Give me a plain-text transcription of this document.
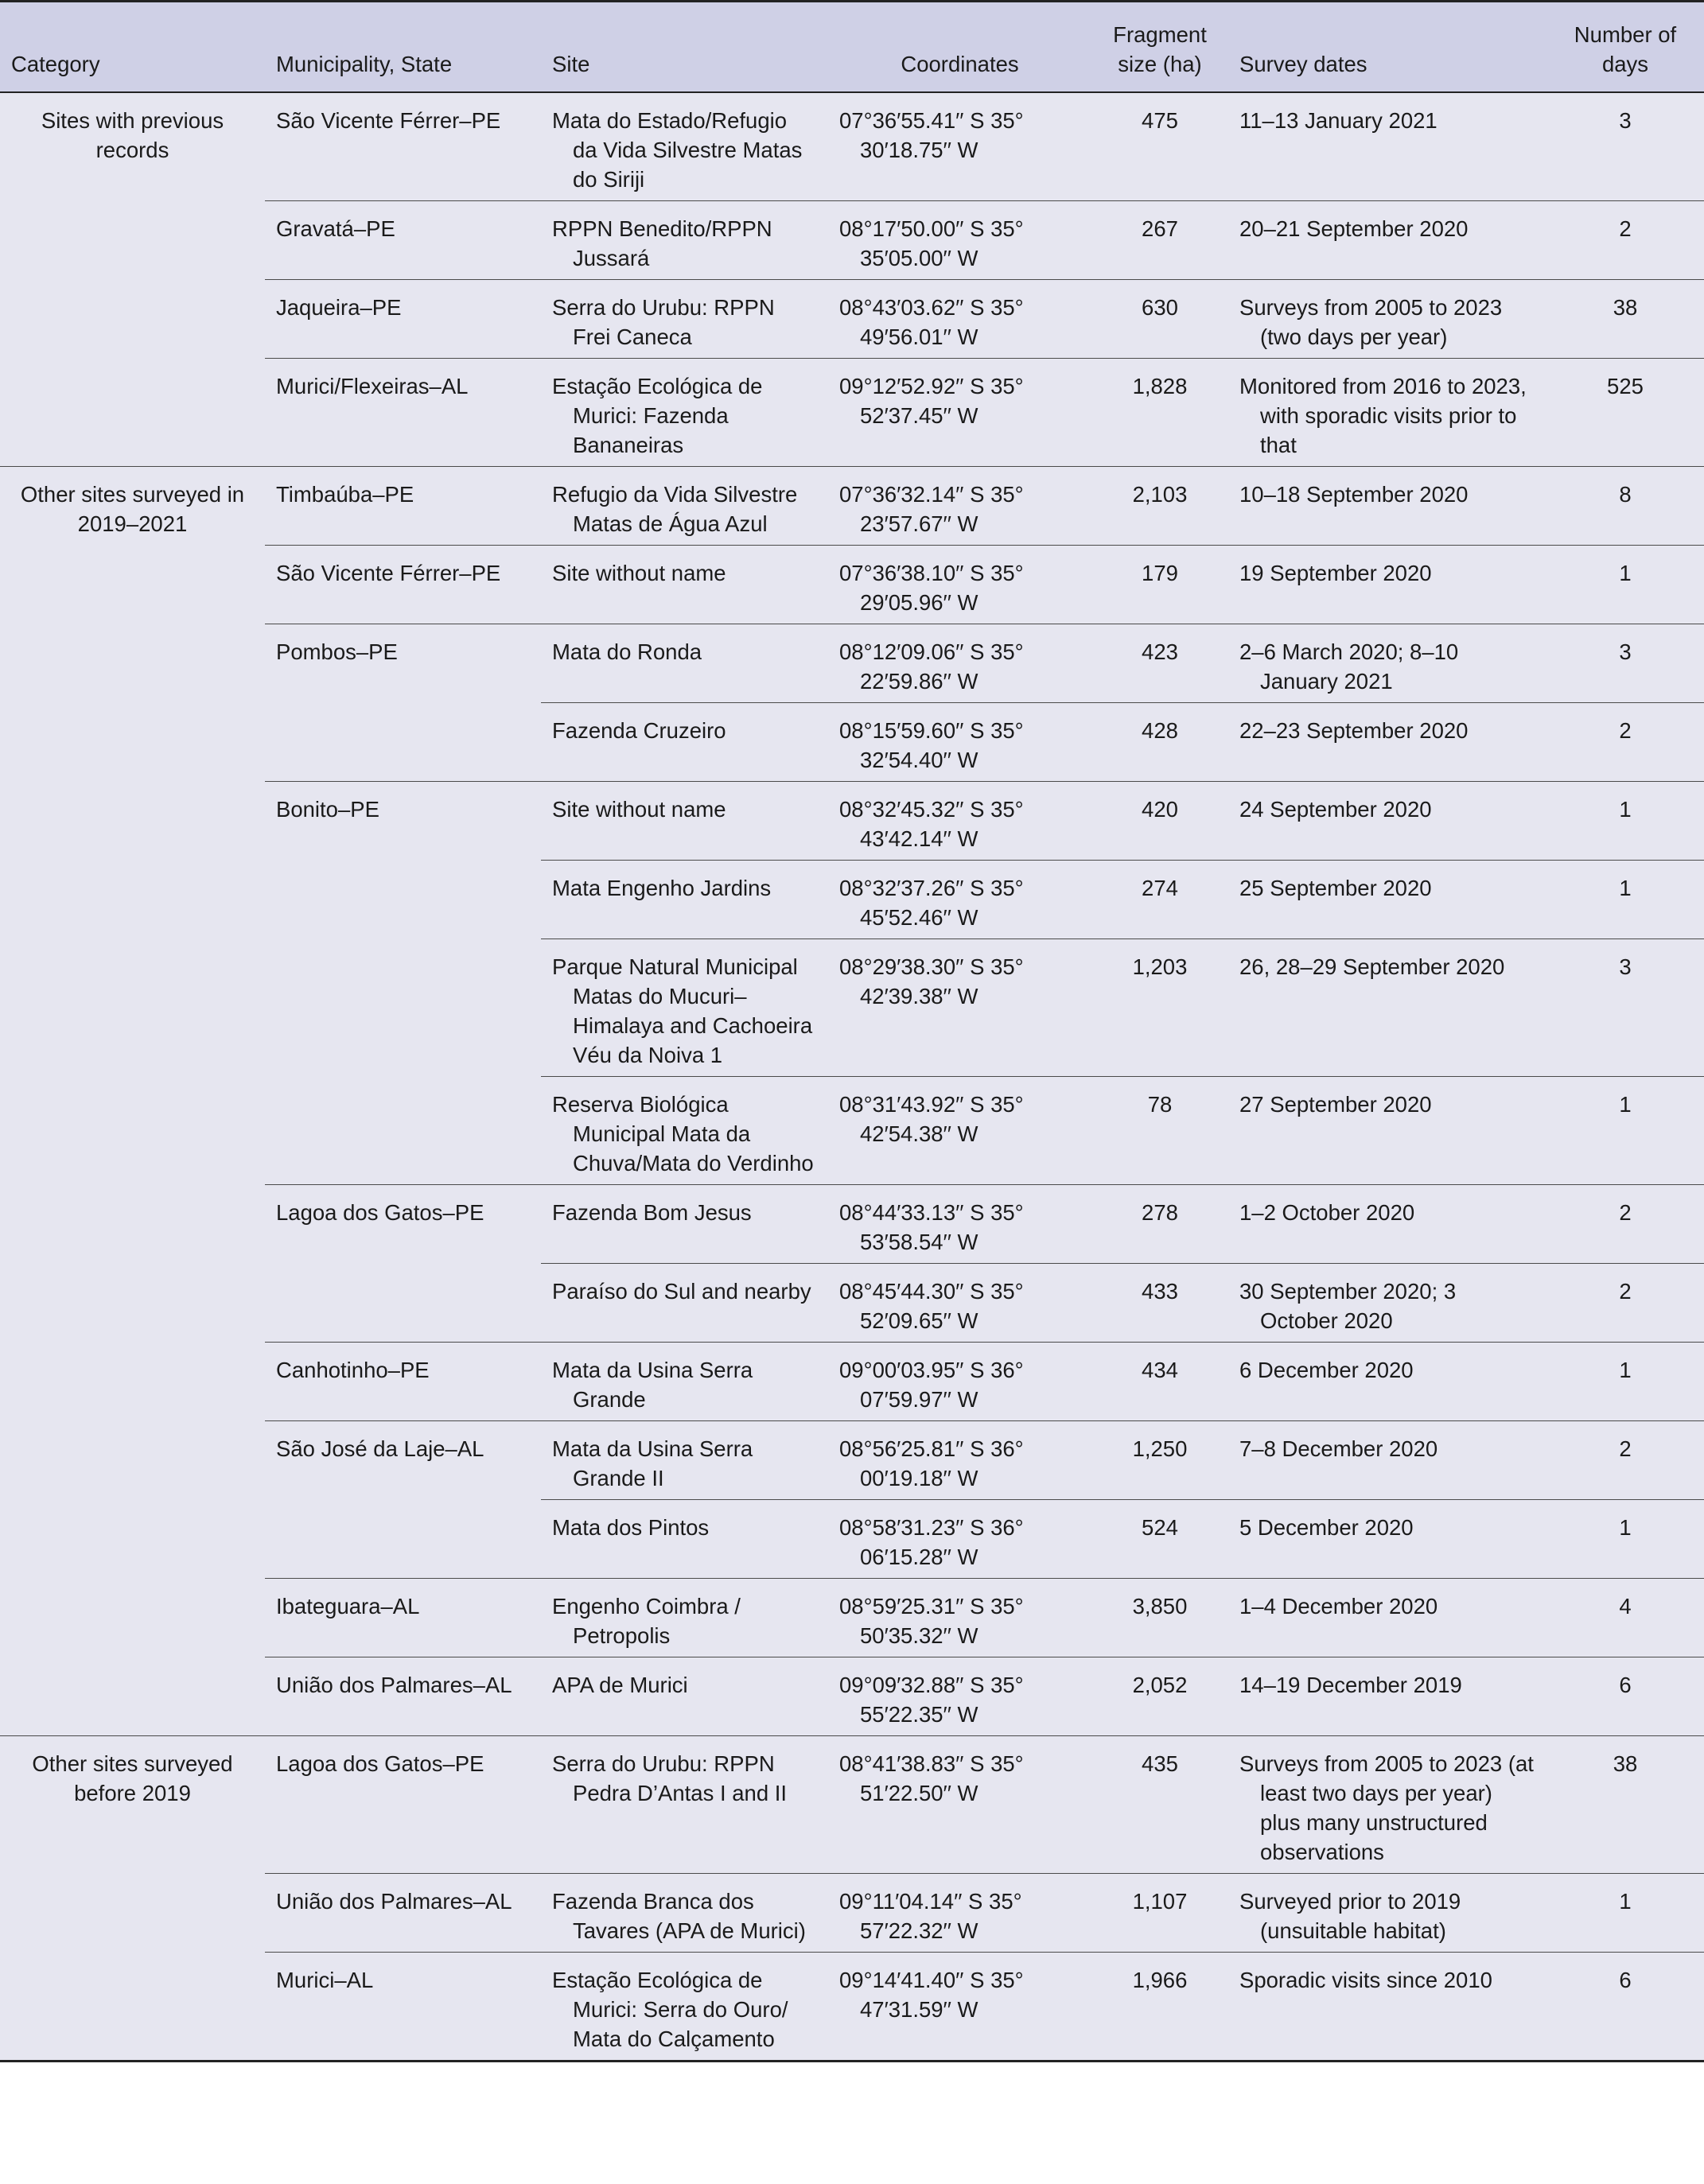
Category	Municipality, State	Site	Coordinates	Fragment size (ha)	Survey dates	Number of days
Sites with previous records	São Vicente Férrer–PE	Mata do Estado/Refugio da Vida Silvestre Matas do Siriji	07°36′55.41′′ S 35° 30′18.75′′ W	475	11–13 January 2021	3
	Gravatá–PE	RPPN Benedito/RPPN Jussará	08°17′50.00′′ S 35° 35′05.00′′ W	267	20–21 September 2020	2
	Jaqueira–PE	Serra do Urubu: RPPN Frei Caneca	08°43′03.62′′ S 35° 49′56.01′′ W	630	Surveys from 2005 to 2023 (two days per year)	38
	Murici/Flexeiras–AL	Estação Ecológica de Murici: Fazenda Bananeiras	09°12′52.92′′ S 35° 52′37.45′′ W	1,828	Monitored from 2016 to 2023, with sporadic visits prior to that	525
Other sites surveyed in 2019–2021	Timbaúba–PE	Refugio da Vida Silvestre Matas de Água Azul	07°36′32.14′′ S 35° 23′57.67′′ W	2,103	10–18 September 2020	8
	São Vicente Férrer–PE	Site without name	07°36′38.10′′ S 35° 29′05.96′′ W	179	19 September 2020	1
	Pombos–PE	Mata do Ronda	08°12′09.06′′ S 35° 22′59.86′′ W	423	2–6 March 2020; 8–10 January 2021	3
		Fazenda Cruzeiro	08°15′59.60′′ S 35° 32′54.40′′ W	428	22–23 September 2020	2
	Bonito–PE	Site without name	08°32′45.32′′ S 35° 43′42.14′′ W	420	24 September 2020	1
		Mata Engenho Jardins	08°32′37.26′′ S 35° 45′52.46′′ W	274	25 September 2020	1
		Parque Natural Municipal Matas do Mucuri–Himalaya and Cachoeira Véu da Noiva 1	08°29′38.30′′ S 35° 42′39.38′′ W	1,203	26, 28–29 September 2020	3
		Reserva Biológica Municipal Mata da Chuva/Mata do Verdinho	08°31′43.92′′ S 35° 42′54.38′′ W	78	27 September 2020	1
	Lagoa dos Gatos–PE	Fazenda Bom Jesus	08°44′33.13′′ S 35° 53′58.54′′ W	278	1–2 October 2020	2
		Paraíso do Sul and nearby	08°45′44.30′′ S 35° 52′09.65′′ W	433	30 September 2020; 3 October 2020	2
	Canhotinho–PE	Mata da Usina Serra Grande	09°00′03.95′′ S 36° 07′59.97′′ W	434	6 December 2020	1
	São José da Laje–AL	Mata da Usina Serra Grande II	08°56′25.81′′ S 36° 00′19.18′′ W	1,250	7–8 December 2020	2
		Mata dos Pintos	08°58′31.23′′ S 36° 06′15.28′′ W	524	5 December 2020	1
	Ibateguara–AL	Engenho Coimbra / Petropolis	08°59′25.31′′ S 35° 50′35.32′′ W	3,850	1–4 December 2020	4
	União dos Palmares–AL	APA de Murici	09°09′32.88′′ S 35° 55′22.35′′ W	2,052	14–19 December 2019	6
Other sites surveyed before 2019	Lagoa dos Gatos–PE	Serra do Urubu: RPPN Pedra D’Antas I and II	08°41′38.83′′ S 35° 51′22.50′′ W	435	Surveys from 2005 to 2023 (at least two days per year) plus many unstructured observations	38
	União dos Palmares–AL	Fazenda Branca dos Tavares (APA de Murici)	09°11′04.14′′ S 35° 57′22.32′′ W	1,107	Surveyed prior to 2019 (unsuitable habitat)	1
	Murici–AL	Estação Ecológica de Murici: Serra do Ouro/ Mata do Calçamento	09°14′41.40′′ S 35° 47′31.59′′ W	1,966	Sporadic visits since 2010	6
